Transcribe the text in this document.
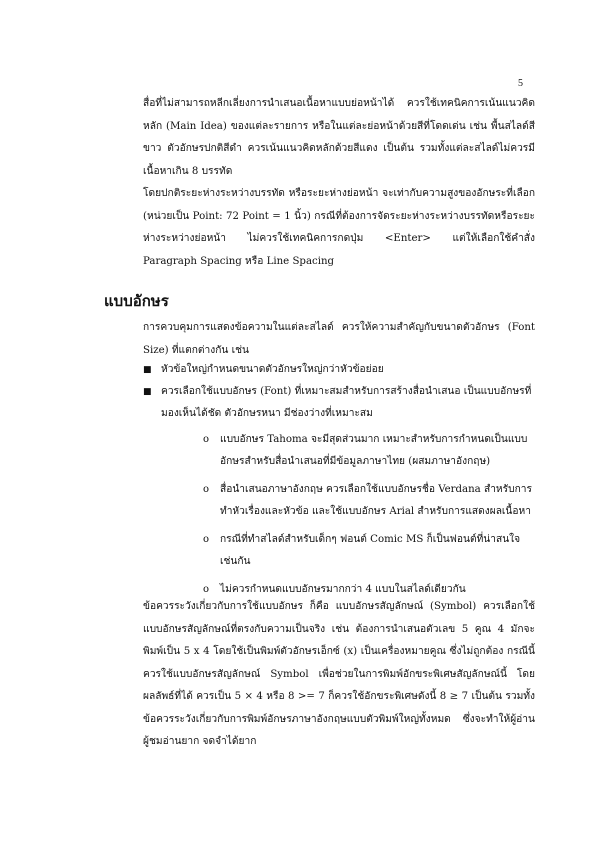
5

สื่อที่ไม่สามารถหลีกเลี่ยงการนำเสนอเนื้อหาแบบย่อหน้าได้ ควรใช้เทคนิคการเน้นแนวคิดหลัก (Main Idea) ของแต่ละรายการ หรือในแต่ละย่อหน้าด้วยสีที่โดดเด่น เช่น พื้นสไลด์สีขาว ตัวอักษรปกติสีดำ ควรเน้นแนวคิดหลักด้วยสีแดง เป็นต้น รวมทั้งแต่ละสไลด์ไม่ควรมีเนื้อหาเกิน 8 บรรทัด

โดยปกติระยะห่างระหว่างบรรทัด หรือระยะห่างย่อหน้า จะเท่ากับความสูงของอักษระที่เลือก (หน่วยเป็น Point: 72 Point = 1 นิ้ว) กรณีที่ต้องการจัดระยะห่างระหว่างบรรทัดหรือระยะห่างระหว่างย่อหน้า ไม่ควรใช้เทคนิคการกดปุ่ม <Enter> แต่ให้เลือกใช้คำสั่ง Paragraph Spacing หรือ Line Spacing

แบบอักษร

การควบคุมการแสดงข้อความในแต่ละสไลด์ ควรให้ความสำคัญกับขนาดตัวอักษร (Font Size) ที่แตกต่างกัน เช่น

■ หัวข้อใหญ่กำหนดขนาดตัวอักษรใหญ่กว่าหัวข้อย่อย
■ ควรเลือกใช้แบบอักษร (Font) ที่เหมาะสมสำหรับการสร้างสื่อนำเสนอ เป็นแบบอักษรที่มองเห็นได้ชัด ตัวอักษรหนา มีช่องว่างที่เหมาะสม
o แบบอักษร Tahoma จะมีสุดส่วนมาก เหมาะสำหรับการกำหนดเป็นแบบอักษรสำหรับสื่อนำเสนอที่มีข้อมูลภาษาไทย (ผสมภาษาอังกฤษ)
o สื่อนำเสนอภาษาอังกฤษ ควรเลือกใช้แบบอักษรชื่อ Verdana สำหรับการทำหัวเรื่องและหัวข้อ และใช้แบบอักษร Arial สำหรับการแสดงผลเนื้อหา
o กรณีที่ทำสไลด์สำหรับเด็กๆ ฟอนต์ Comic MS ก็เป็นฟอนต์ที่น่าสนใจเช่นกัน
o ไม่ควรกำหนดแบบอักษรมากกว่า 4 แบบในสไลด์เดียวกัน

ข้อควรระวังเกี่ยวกับการใช้แบบอักษร ก็คือ แบบอักษรสัญลักษณ์ (Symbol) ควรเลือกใช้แบบอักษรสัญลักษณ์ที่ตรงกับความเป็นจริง เช่น ต้องการนำเสนอตัวเลข 5 คูณ 4 มักจะพิมพ์เป็น 5 x 4 โดยใช้เป็นพิมพ์ตัวอักษรเอ็กซ์ (x) เป็นเครื่องหมายคูณ ซึ่งไม่ถูกต้อง กรณีนี้ควรใช้แบบอักษรสัญลักษณ์ Symbol เพื่อช่วยในการพิมพ์อักขระพิเศษสัญลักษณ์นี้ โดยผลลัพธ์ที่ได้ ควรเป็น 5 × 4 หรือ 8 >= 7 ก็ควรใช้อักขระพิเศษดังนี้ 8 ≥ 7 เป็นต้น รวมทั้งข้อควรระวังเกี่ยวกับการพิมพ์อักษรภาษาอังกฤษแบบตัวพิมพ์ใหญ่ทั้งหมด ซึ่งจะทำให้ผู้อ่าน ผู้ชมอ่านยาก จดจำได้ยาก
